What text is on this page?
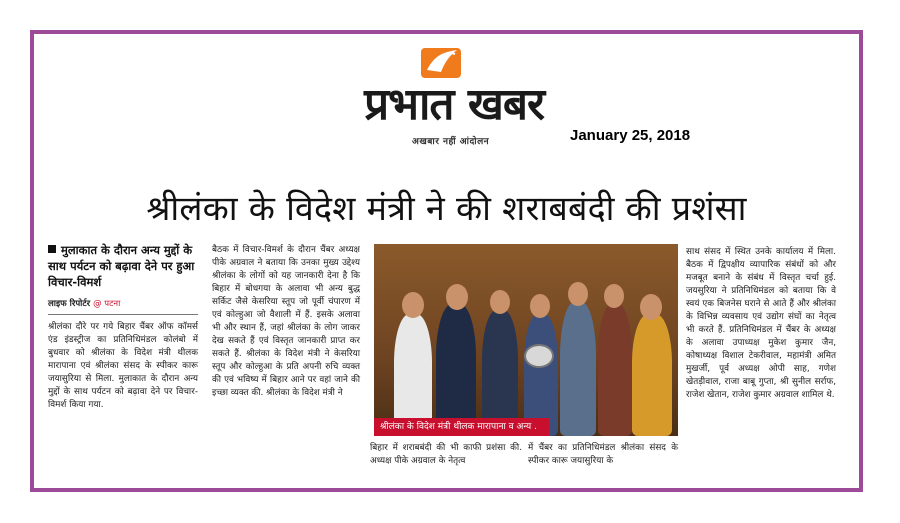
प्रभात खबर
अखबार नहीं आंदोलन	January 25, 2018
श्रीलंका के विदेश मंत्री ने की शराबबंदी की प्रशंसा
मुलाकात के दौरान अन्य मुद्दों के साथ पर्यटन को बढ़ावा देने पर हुआ विचार-विमर्श
लाइफ रिपोर्टर @ पटना
श्रीलंका दौरे पर गये बिहार चैंबर ऑफ कॉमर्स एंड इंडस्ट्रीज का प्रतिनिधिमंडल कोलंबो में बुधवार को श्रीलंका के विदेश मंत्री थीलक मारापाना एवं श्रीलंका संसद के स्पीकर कारू जयासुरिया से मिला. मुलाकात के दौरान अन्य मुद्दों के साथ पर्यटन को बढ़ावा देने पर विचार-विमर्श किया गया.
बैठक में विचार-विमर्श के दौरान चैंबर अध्यक्ष पीके अग्रवाल ने बताया कि उनका मुख्य उद्देश्य श्रीलंका के लोगों को यह जानकारी देना है कि बिहार में बोधगया के अलावा भी अन्य बुद्ध सर्किट जैसे केसरिया स्तूप जो पूर्वी चंपारण में एवं कोल्हुआ जो वैशाली में हैं. इसके अलावा भी और स्थान हैं, जहां श्रीलंका के लोग जाकर देख सकते हैं एवं विस्तृत जानकारी प्राप्त कर सकते हैं. श्रीलंका के विदेश मंत्री ने केसरिया स्तूप और कोल्हुआ के प्रति अपनी रुचि व्यक्त की एवं भविष्य में बिहार आने पर वहां जाने की इच्छा व्यक्त की. श्रीलंका के विदेश मंत्री ने
श्रीलंका के विदेश मंत्री थीलक मारापाना व अन्य .
बिहार में शराबबंदी की भी काफी प्रशंसा की. अध्यक्ष पीके अग्रवाल के नेतृत्व
में चैंबर का प्रतिनिधिमंडल श्रीलंका संसद के स्पीकर कारू जयासुरिया के
साथ संसद में स्थित उनके कार्यालय में मिला. बैठक में द्विपक्षीय व्यापारिक संबंधों को और मजबूत बनाने के संबंध में विस्तृत चर्चा हुई. जयसुरिया ने प्रतिनिधिमंडल को बताया कि वे स्वयं एक बिजनेस घराने से आते हैं और श्रीलंका के विभिन्न व्यवसाय एवं उद्योग संघों का नेतृत्व भी करते हैं. प्रतिनिधिमंडल में चैंबर के अध्यक्ष के अलावा उपाध्यक्ष मुकेश कुमार जैन, कोषाध्यक्ष विशाल टेकरीवाल, महामंत्री अमित मुखर्जी, पूर्व अध्यक्ष ओपी साह, गणेश खेतड़ीवाल, राजा बाबू गुप्ता, श्री सुनील सर्राफ, राजेश खेतान, राजेश कुमार अग्रवाल शामिल थे.
